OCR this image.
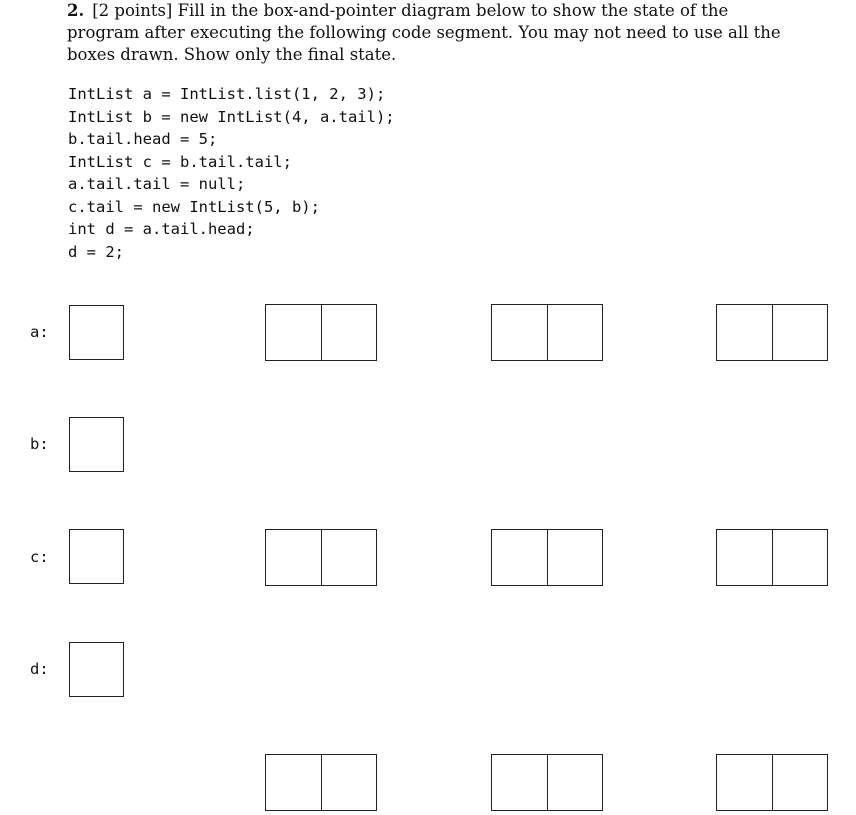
2. [2 points] Fill in the box-and-pointer diagram below to show the state of the program after executing the following code segment. You may not need to use all the boxes drawn. Show only the final state.

IntList a = IntList.list(1, 2, 3);
IntList b = new IntList(4, a.tail);
b.tail.head = 5;
IntList c = b.tail.tail;
a.tail.tail = null;
c.tail = new IntList(5, b);
int d = a.tail.head;
d = 2;
a:
b:
c:
d:
